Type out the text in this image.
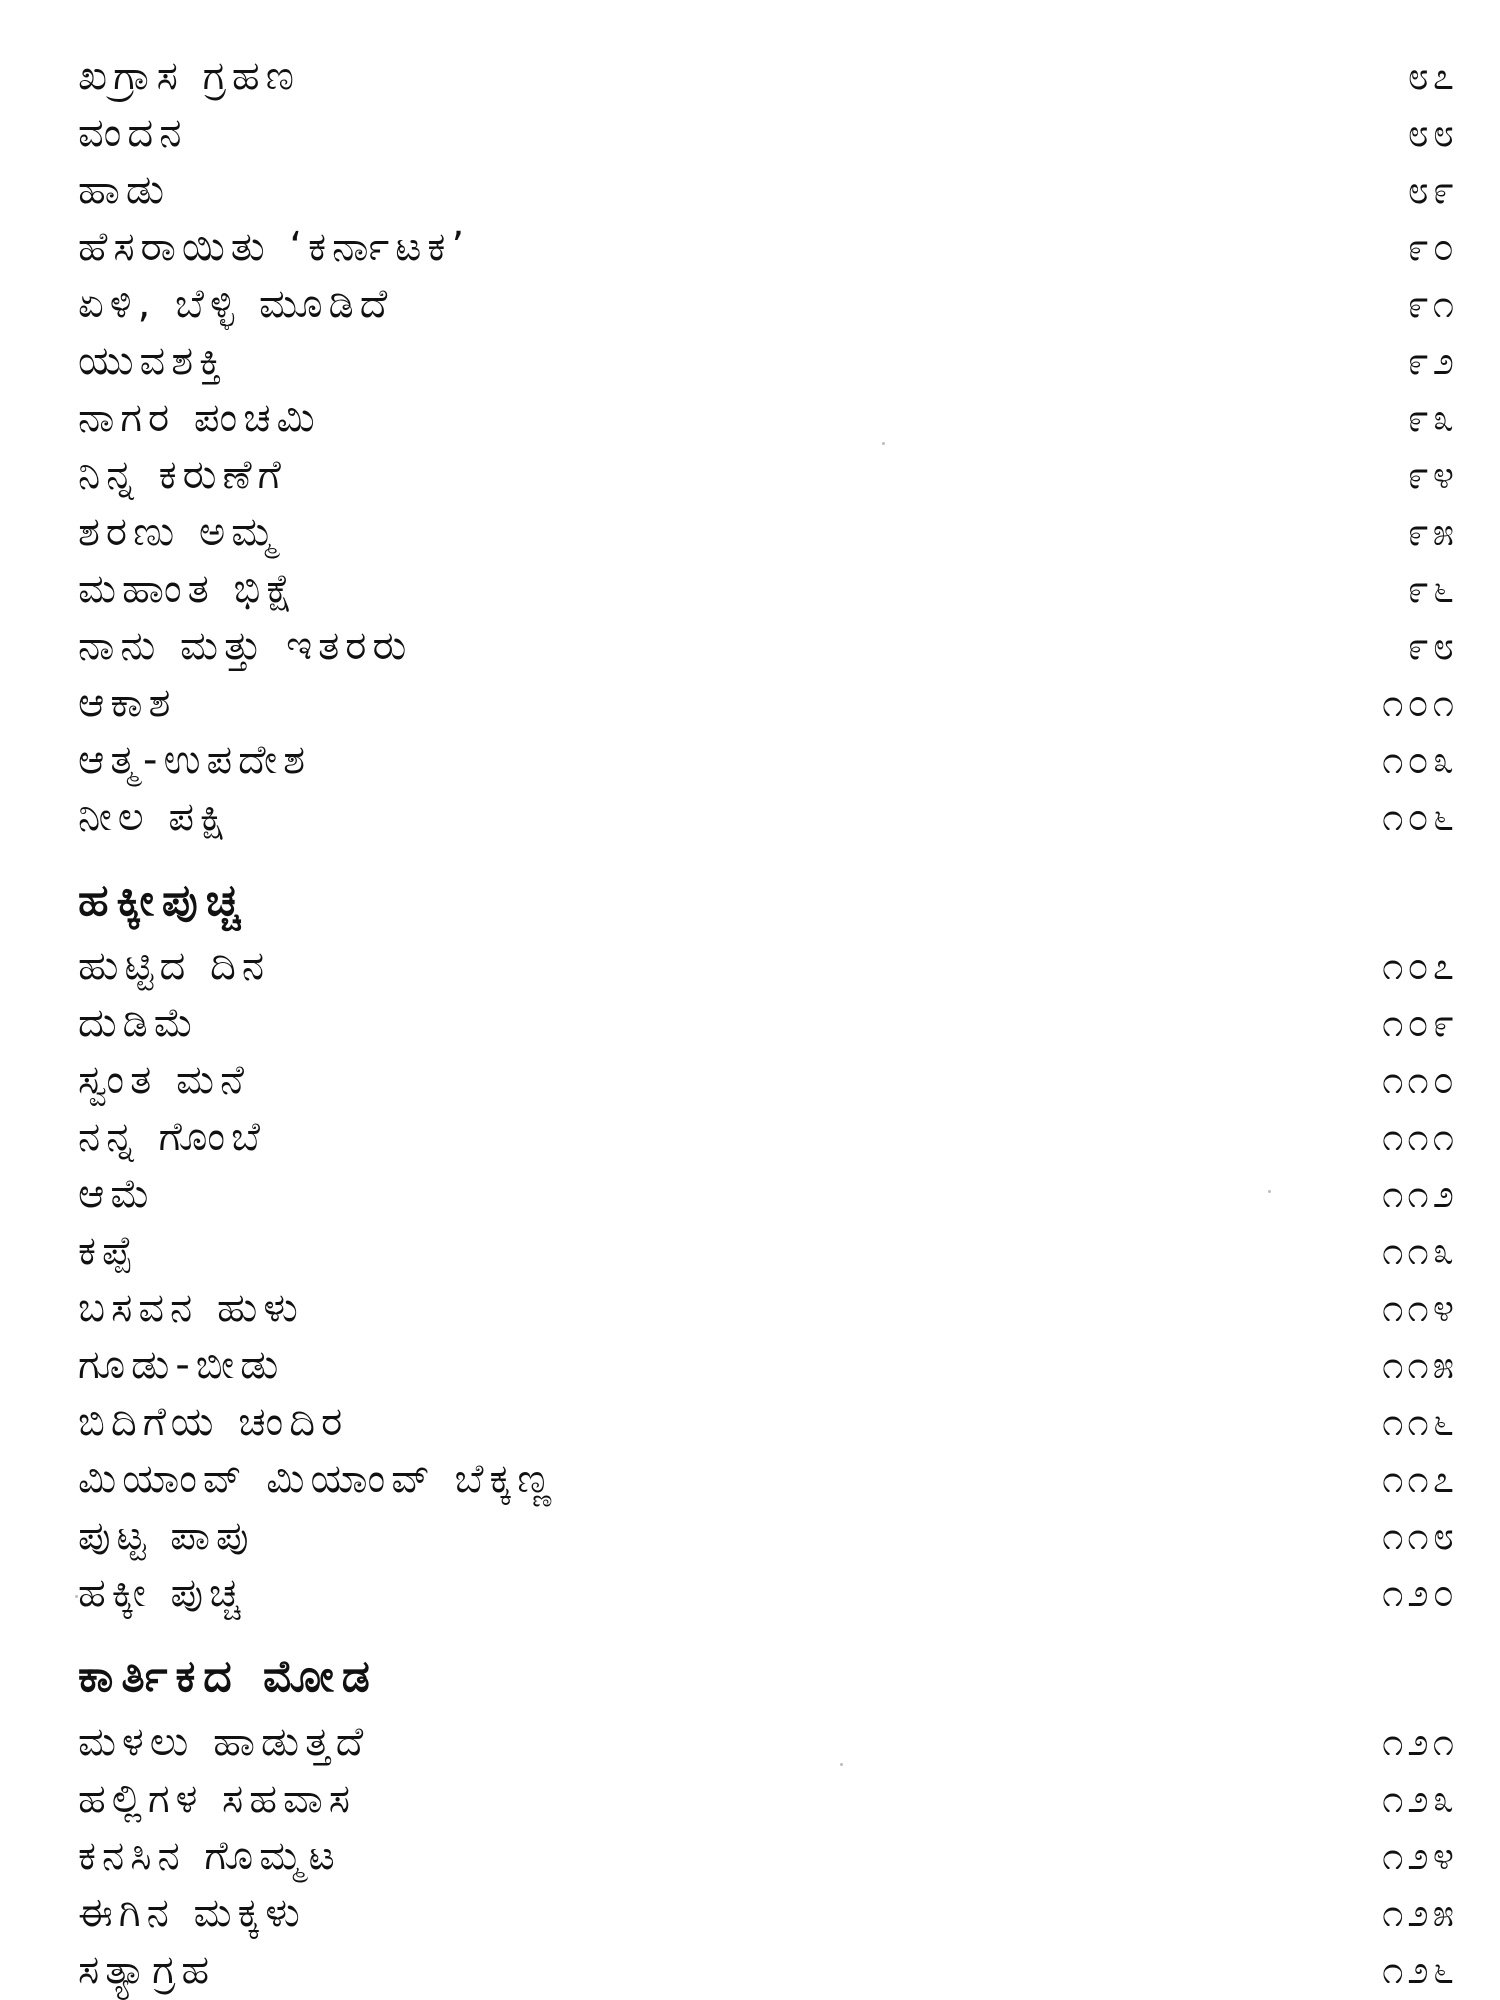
ಖಗ್ರಾಸ ಗ್ರಹಣ	೮೭
ವಂದನ	೮೮
ಹಾಡು	೮೯
ಹೆಸರಾಯಿತು ‘ಕರ್ನಾಟಕ’	೯೦
ಏಳಿ, ಬೆಳ್ಳಿ ಮೂಡಿದೆ	೯೧
ಯುವಶಕ್ತಿ	೯೨
ನಾಗರ ಪಂಚಮಿ	೯೩
ನಿನ್ನ ಕರುಣೆಗೆ	೯೪
ಶರಣು ಅಮ್ಮ	೯೫
ಮಹಾಂತ ಭಿಕ್ಷೆ	೯೬
ನಾನು ಮತ್ತು ಇತರರು	೯೮
ಆಕಾಶ	೧೦೧
ಆತ್ಮ-ಉಪದೇಶ	೧೦೩
ನೀಲ ಪಕ್ಷಿ	೧೦೬
ಹಕ್ಕೀಪುಚ್ಚ
ಹುಟ್ಟಿದ ದಿನ	೧೦೭
ದುಡಿಮೆ	೧೦೯
ಸ್ವಂತ ಮನೆ	೧೧೦
ನನ್ನ ಗೊಂಬೆ	೧೧೧
ಆಮೆ	೧೧೨
ಕಪ್ಪೆ	೧೧೩
ಬಸವನ ಹುಳು	೧೧೪
ಗೂಡು-ಬೀಡು	೧೧೫
ಬಿದಿಗೆಯ ಚಂದಿರ	೧೧೬
ಮಿಯಾಂವ್ ಮಿಯಾಂವ್ ಬೆಕ್ಕಣ್ಣ	೧೧೭
ಪುಟ್ಟ ಪಾಪು	೧೧೮
ಹಕ್ಕೀ ಪುಚ್ಚ	೧೨೦
ಕಾರ್ತಿಕದ ಮೋಡ
ಮಳಲು ಹಾಡುತ್ತದೆ	೧೨೧
ಹಲ್ಲಿಗಳ ಸಹವಾಸ	೧೨೩
ಕನಸಿನ ಗೊಮ್ಮಟ	೧೨೪
ಈಗಿನ ಮಕ್ಕಳು	೧೨೫
ಸತ್ಯಾಗ್ರಹ	೧೨೬
